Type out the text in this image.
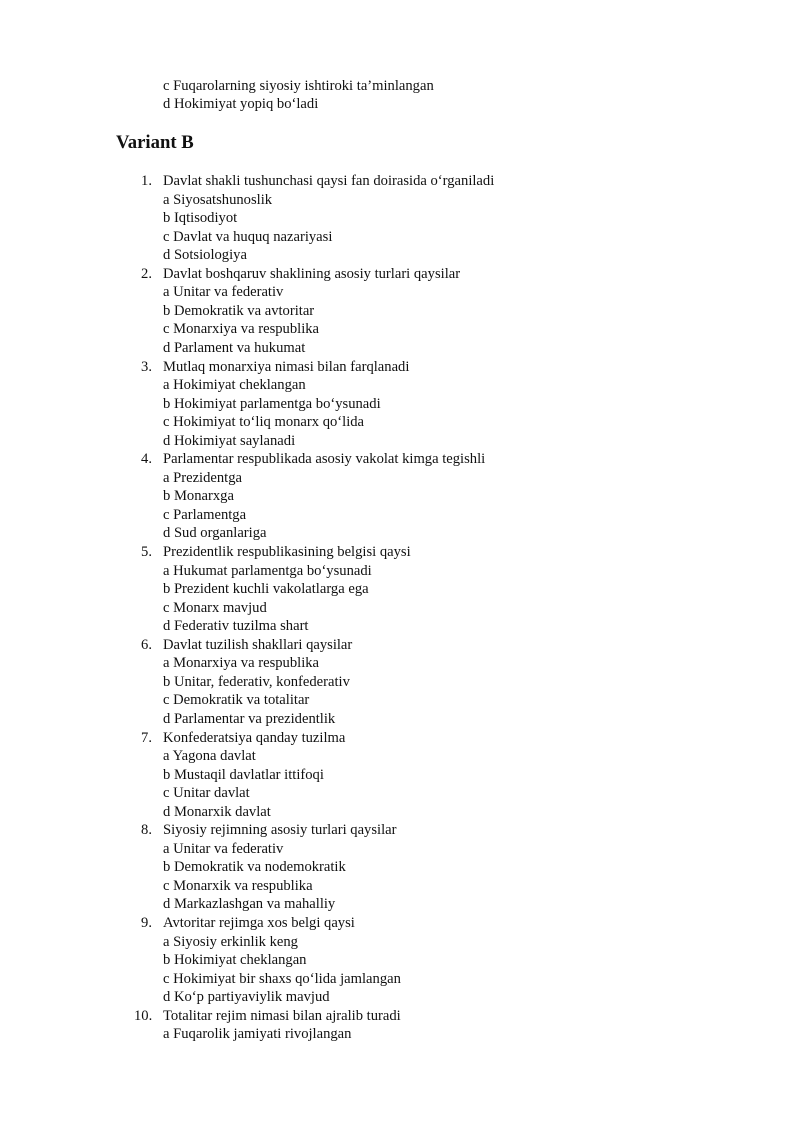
c Fuqarolarning siyosiy ishtiroki ta’minlangan
d Hokimiyat yopiq bo‘ladi
Variant B
1. Davlat shakli tushunchasi qaysi fan doirasida o‘rganiladi
a Siyosatshunoslik
b Iqtisodiyot
c Davlat va huquq nazariyasi
d Sotsiologiya
2. Davlat boshqaruv shaklining asosiy turlari qaysilar
a Unitar va federativ
b Demokratik va avtoritar
c Monarxiya va respublika
d Parlament va hukumat
3. Mutlaq monarxiya nimasi bilan farqlanadi
a Hokimiyat cheklangan
b Hokimiyat parlamentga bo‘ysunadi
c Hokimiyat to‘liq monarx qo‘lida
d Hokimiyat saylanadi
4. Parlamentar respublikada asosiy vakolat kimga tegishli
a Prezidentga
b Monarxga
c Parlamentga
d Sud organlariga
5. Prezidentlik respublikasining belgisi qaysi
a Hukumat parlamentga bo‘ysunadi
b Prezident kuchli vakolatlarga ega
c Monarx mavjud
d Federativ tuzilma shart
6. Davlat tuzilish shakllari qaysilar
a Monarxiya va respublika
b Unitar, federativ, konfederativ
c Demokratik va totalitar
d Parlamentar va prezidentlik
7. Konfederatsiya qanday tuzilma
a Yagona davlat
b Mustaqil davlatlar ittifoqi
c Unitar davlat
d Monarxik davlat
8. Siyosiy rejimning asosiy turlari qaysilar
a Unitar va federativ
b Demokratik va nodemokratik
c Monarxik va respublika
d Markazlashgan va mahalliy
9. Avtoritar rejimga xos belgi qaysi
a Siyosiy erkinlik keng
b Hokimiyat cheklangan
c Hokimiyat bir shaxs qo‘lida jamlangan
d Ko‘p partiyaviylik mavjud
10. Totalitar rejim nimasi bilan ajralib turadi
a Fuqarolik jamiyati rivojlangan
